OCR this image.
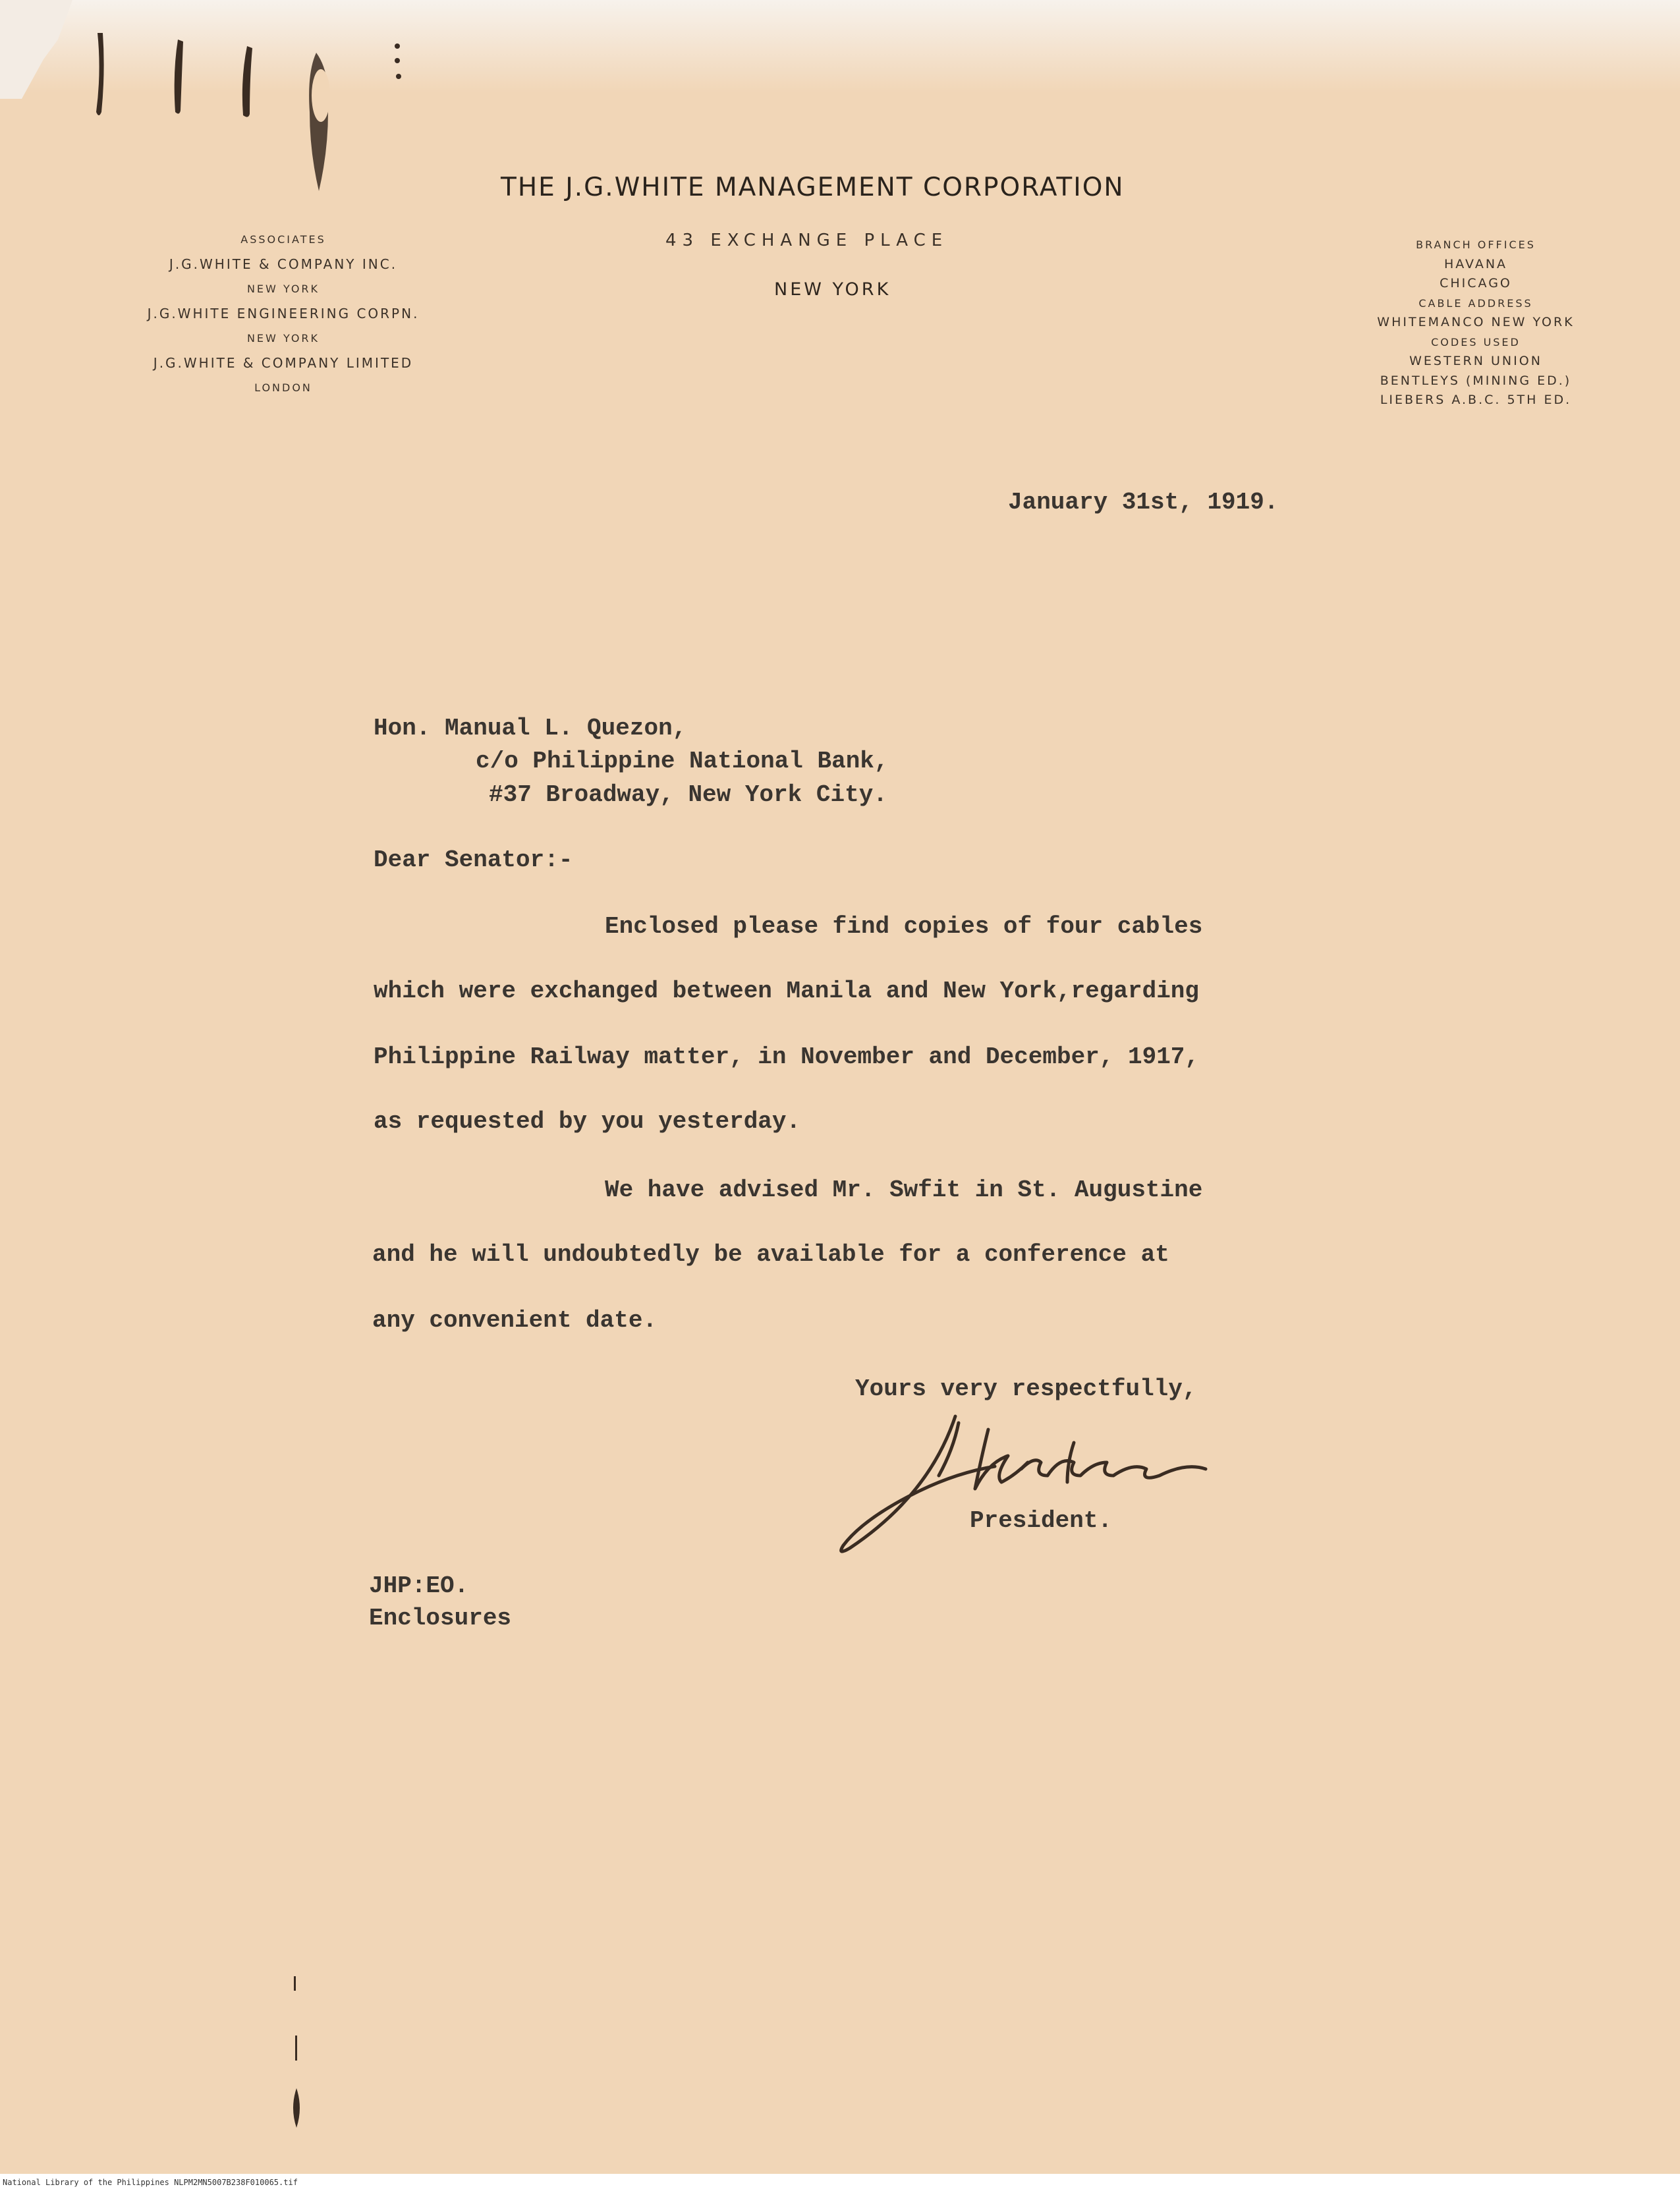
THE J.G.WHITE MANAGEMENT CORPORATION
43 EXCHANGE PLACE
NEW YORK
ASSOCIATES
J.G.WHITE & COMPANY INC.
NEW YORK
J.G.WHITE ENGINEERING CORPN.
NEW YORK
J.G.WHITE & COMPANY LIMITED
LONDON
BRANCH OFFICES
HAVANA
CHICAGO
CABLE ADDRESS
WHITEMANCO NEW YORK
CODES USED
WESTERN UNION
BENTLEYS (MINING ED.)
LIEBERS A.B.C. 5TH ED.
January 31st, 1919.
Hon. Manual L. Quezon,
c/o Philippine National Bank,
#37 Broadway, New York City.
Dear Senator:-
Enclosed please find copies of four cables
which were exchanged between Manila and New York,regarding
Philippine Railway matter, in November and December, 1917,
as requested by you yesterday.
We have advised Mr. Swfit in St. Augustine
and he will undoubtedly be available for a conference at
any convenient date.
Yours very respectfully,
President.
JHP:EO.
Enclosures
National Library of the Philippines NLPM2MN5007B238F010065.tif
